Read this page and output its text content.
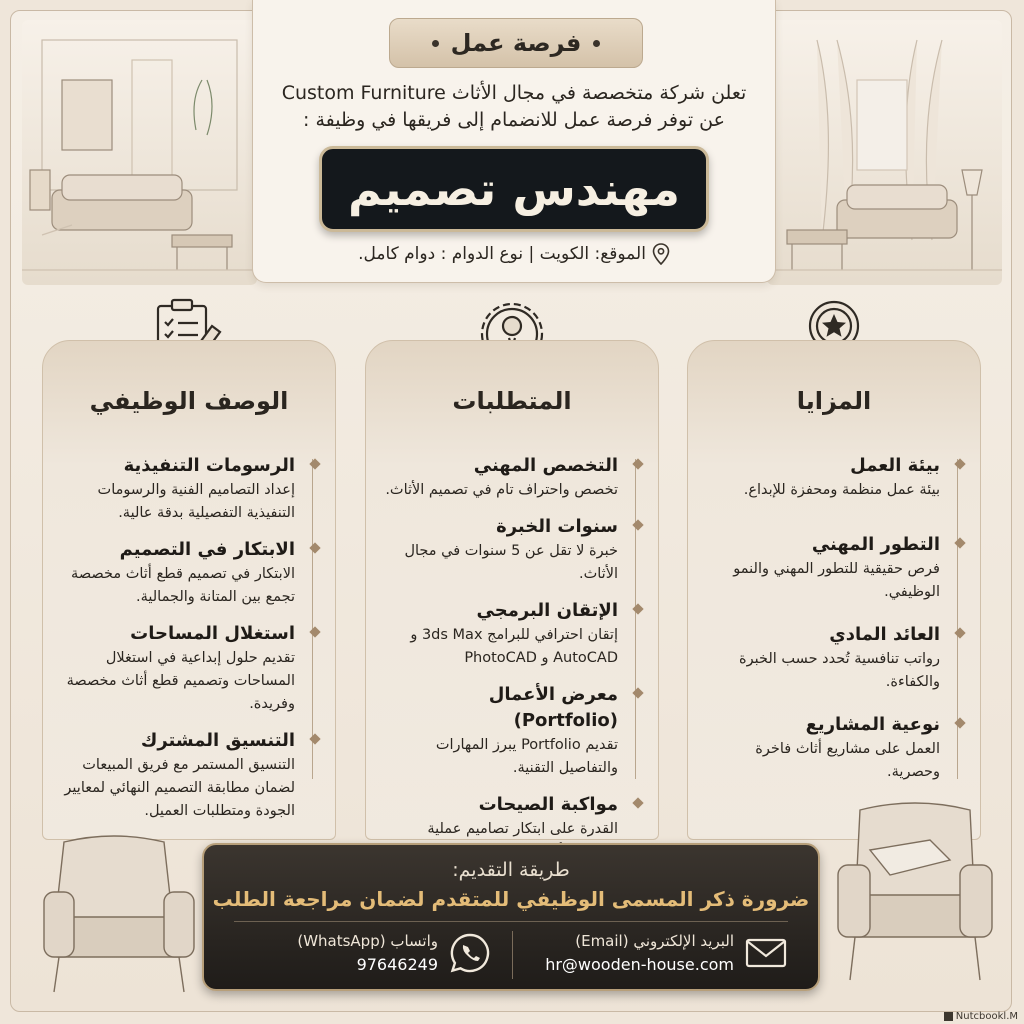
فرصة عمل
تعلن شركة متخصصة في مجال الأثاث Custom Furniture
عن توفر فرصة عمل للانضمام إلى فريقها في وظيفة :
مهندس تصميم
الموقع: الكويت | نوع الدوام : دوام كامل.
الوصف الوظيفي
الرسومات التنفيذية
إعداد التصاميم الفنية والرسومات التنفيذية التفصيلية بدقة عالية.
الابتكار في التصميم
الابتكار في تصميم قطع أثاث مخصصة تجمع بين المتانة والجمالية.
استغلال المساحات
تقديم حلول إبداعية في استغلال المساحات وتصميم قطع أثاث مخصصة وفريدة.
التنسيق المشترك
التنسيق المستمر مع فريق المبيعات لضمان مطابقة التصميم النهائي لمعايير الجودة ومتطلبات العميل.
المتطلبات
التخصص المهني
تخصص واحتراف تام في تصميم الأثاث.
سنوات الخبرة
خبرة لا تقل عن 5 سنوات في مجال الأثاث.
الإتقان البرمجي
إتقان احترافي للبرامج 3ds Max و AutoCAD و PhotoCAD
معرض الأعمال (Portfolio)
تقديم Portfolio يبرز المهارات والتفاصيل التقنية.
مواكبة الصيحات
القدرة على ابتكار تصاميم عملية
المزايا
بيئة العمل
بيئة عمل منظمة ومحفزة للإبداع.
التطور المهني
فرص حقيقية للتطور المهني والنمو الوظيفي.
العائد المادي
رواتب تنافسية تُحدد حسب الخبرة والكفاءة.
نوعية المشاريع
العمل على مشاريع أثاث فاخرة وحصرية.
طريقة التقديم:
ضرورة ذكر المسمى الوظيفي للمتقدم لضمان مراجعة الطلب
البريد الإلكتروني (Email)
hr@wooden-house.com
واتساب (WhatsApp)
97646249
Nutcbookl.M
